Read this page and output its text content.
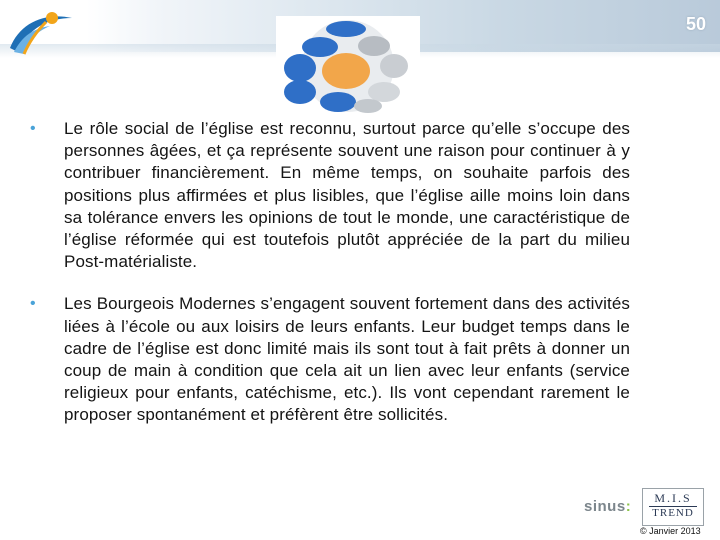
50
• Le rôle social de l’église est reconnu, surtout parce qu’elle s’occupe des personnes âgées, et ça représente souvent une raison pour continuer à y contribuer financièrement. En même temps, on souhaite parfois des positions plus affirmées et plus lisibles, que l’église aille moins loin dans sa tolérance envers les opinions de tout le monde, une caractéristique de l’église réformée qui est toutefois plutôt appréciée de la part du milieu Post-matérialiste.
• Les Bourgeois Modernes s’engagent souvent fortement dans des activités liées à l’école ou aux loisirs de leurs enfants. Leur budget temps dans le cadre de l’église est donc limité mais ils sont tout à fait prêts à donner un coup de main à condition que cela ait un lien avec leur enfants (service religieux pour enfants, catéchisme, etc.). Ils vont cependant rarement le proposer spontanément et préfèrent être sollicités.
sinus:	M.I.S
TREND
© Janvier 2013
